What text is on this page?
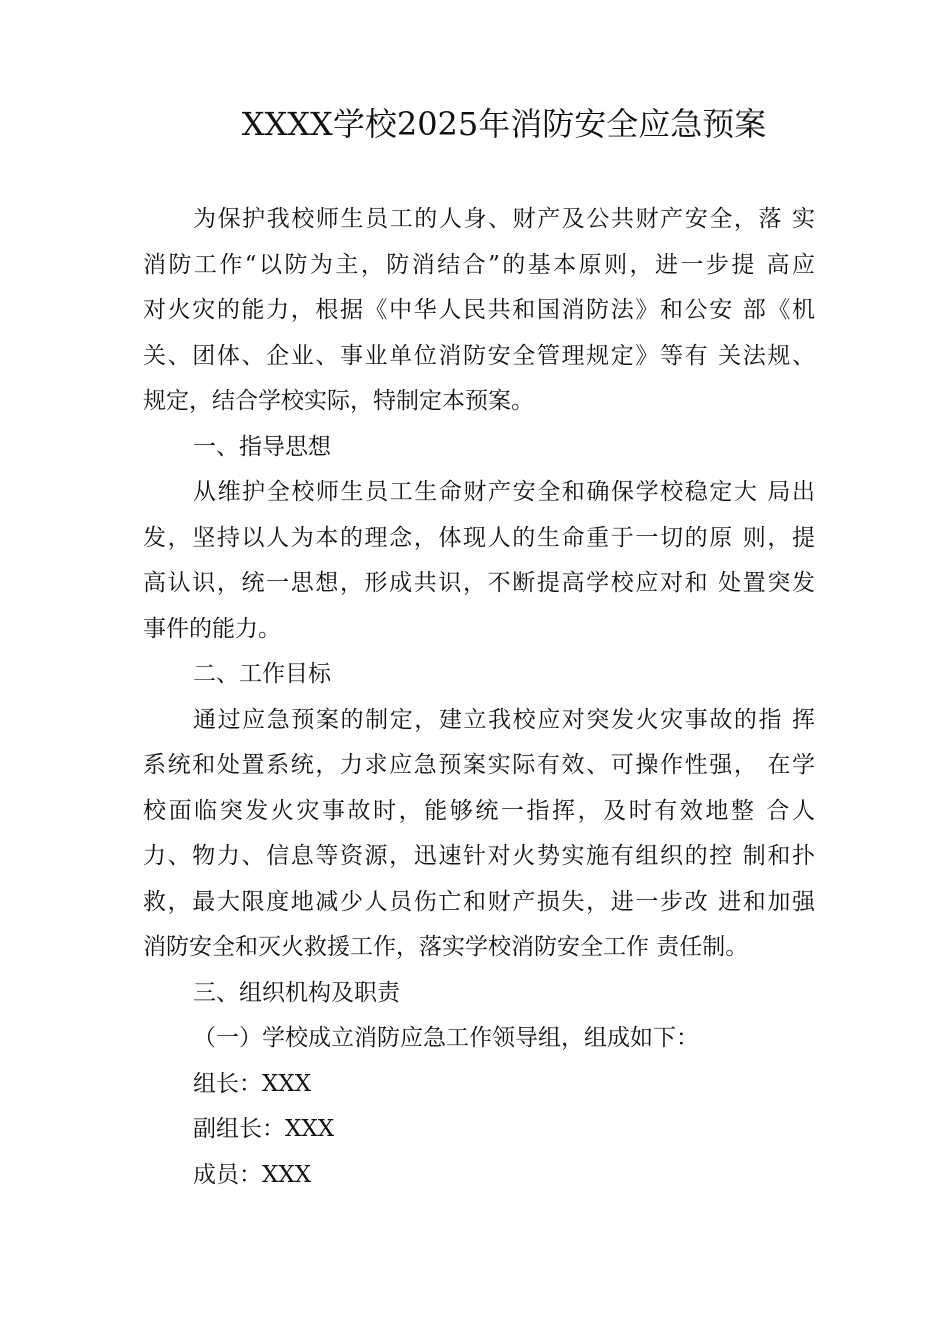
XXXX学校2025年消防安全应急预案
为保护我校师生员工的人身、财产及公共财产安全，落 实
消防工作“以防为主，防消结合”的基本原则，进一步提 高应
对火灾的能力，根据《中华人民共和国消防法》和公安 部《机
关、团体、企业、事业单位消防安全管理规定》等有 关法规、
规定，结合学校实际，特制定本预案。
一、指导思想
从维护全校师生员工生命财产安全和确保学校稳定大 局出
发，坚持以人为本的理念，体现人的生命重于一切的原 则，提
高认识，统一思想，形成共识，不断提高学校应对和 处置突发
事件的能力。
二、工作目标
通过应急预案的制定，建立我校应对突发火灾事故的指 挥
系统和处置系统，力求应急预案实际有效、可操作性强， 在学
校面临突发火灾事故时，能够统一指挥，及时有效地整 合人
力、物力、信息等资源，迅速针对火势实施有组织的控 制和扑
救，最大限度地减少人员伤亡和财产损失，进一步改 进和加强
消防安全和灭火救援工作，落实学校消防安全工作 责任制。
三、组织机构及职责
（一）学校成立消防应急工作领导组，组成如下：
组长：XXX
副组长：XXX
成员：XXX
